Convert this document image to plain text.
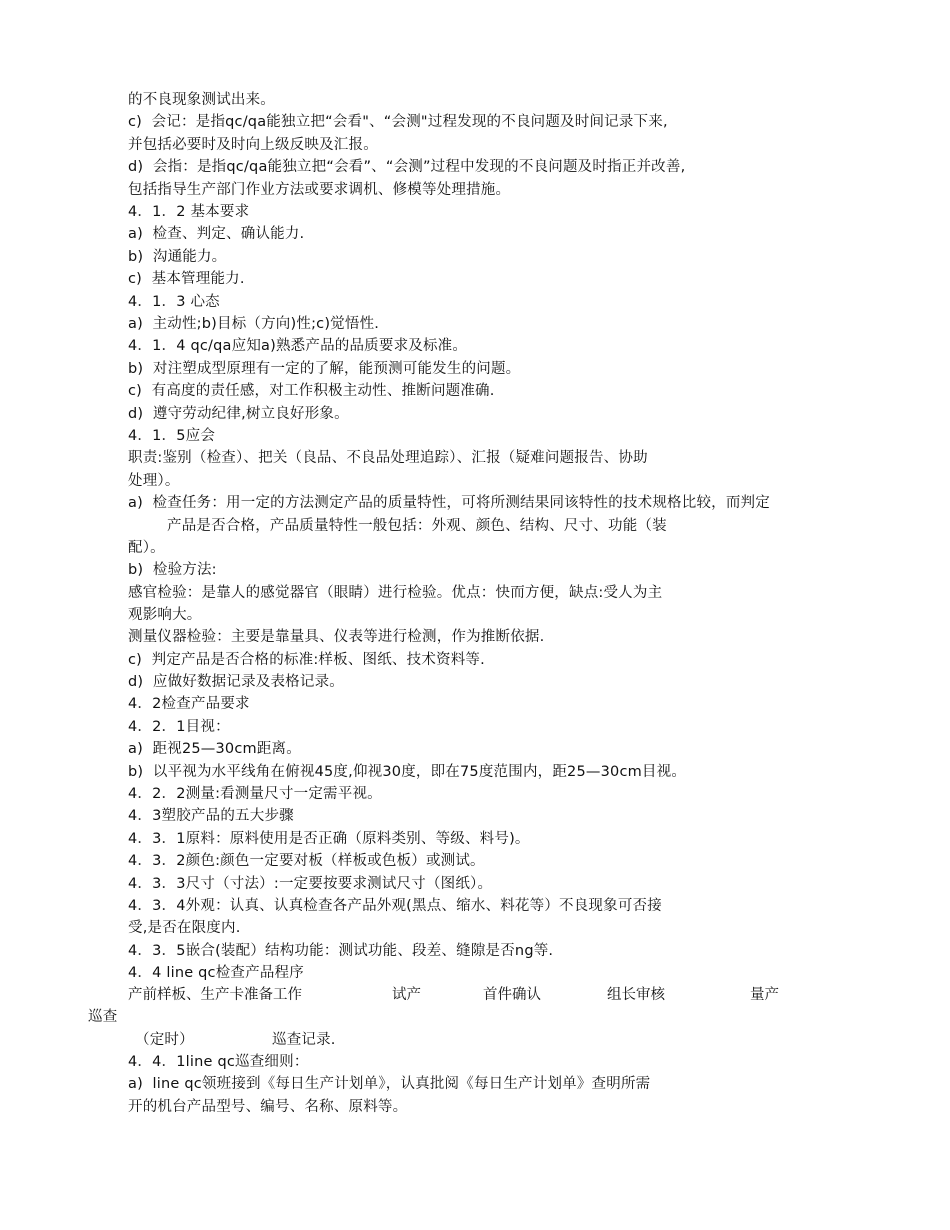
的不良现象测试出来。
c)  会记：是指qc/qa能独立把“会看"、“会测"过程发现的不良问题及时间记录下来,
并包括必要时及时向上级反映及汇报。
d)  会指：是指qc/qa能独立把“会看”、“会测”过程中发现的不良问题及时指正并改善,
包括指导生产部门作业方法或要求调机、修模等处理措施。
4．1．2 基本要求
a)  检查、判定、确认能力.
b)  沟通能力。
c)  基本管理能力.
4．1．3 心态
a)  主动性;b)目标（方向)性;c)觉悟性.
4．1．4 qc/qa应知a)熟悉产品的品质要求及标准。
b)  对注塑成型原理有一定的了解，能预测可能发生的问题。
c)  有高度的责任感，对工作积极主动性、推断问题准确.
d)  遵守劳动纪律,树立良好形象。
4．1．5应会
职责:鉴别（检查）、把关（良品、不良品处理追踪）、汇报（疑难问题报告、协助
处理）。
a)  检查任务：用一定的方法测定产品的质量特性，可将所测结果同该特性的技术规格比较，而判定
产品是否合格，产品质量特性一般包括：外观、颜色、结构、尺寸、功能（装
配）。
b)  检验方法:
感官检验：是靠人的感觉器官（眼睛）进行检验。优点：快而方便，缺点:受人为主
观影响大。
测量仪器检验：主要是靠量具、仪表等进行检测，作为推断依据.
c)  判定产品是否合格的标准:样板、图纸、技术资料等.
d)  应做好数据记录及表格记录。
4．2检查产品要求
4．2．1目视：
a)  距视25—30cm距离。
b)  以平视为水平线角在俯视45度,仰视30度，即在75度范围内，距25—30cm目视。
4．2．2测量:看测量尺寸一定需平视。
4．3塑胶产品的五大步骤
4．3．1原料：原料使用是否正确（原料类别、等级、料号)。
4．3．2颜色:颜色一定要对板（样板或色板）或测试。
4．3．3尺寸（寸法）:一定要按要求测试尺寸（图纸）。
4．3．4外观：认真、认真检查各产品外观(黑点、缩水、料花等）不良现象可否接
受,是否在限度内.
4．3．5嵌合(装配）结构功能：测试功能、段差、缝隙是否ng等.
4．4 line qc检查产品程序
产前样板、生产卡准备工作	试产	首件确认	组长审核	量产
巡查
（定时）	巡查记录.
4．4．1line qc巡查细则：
a)  line qc领班接到《每日生产计划单》，认真批阅《每日生产计划单》查明所需
开的机台产品型号、编号、名称、原料等。
